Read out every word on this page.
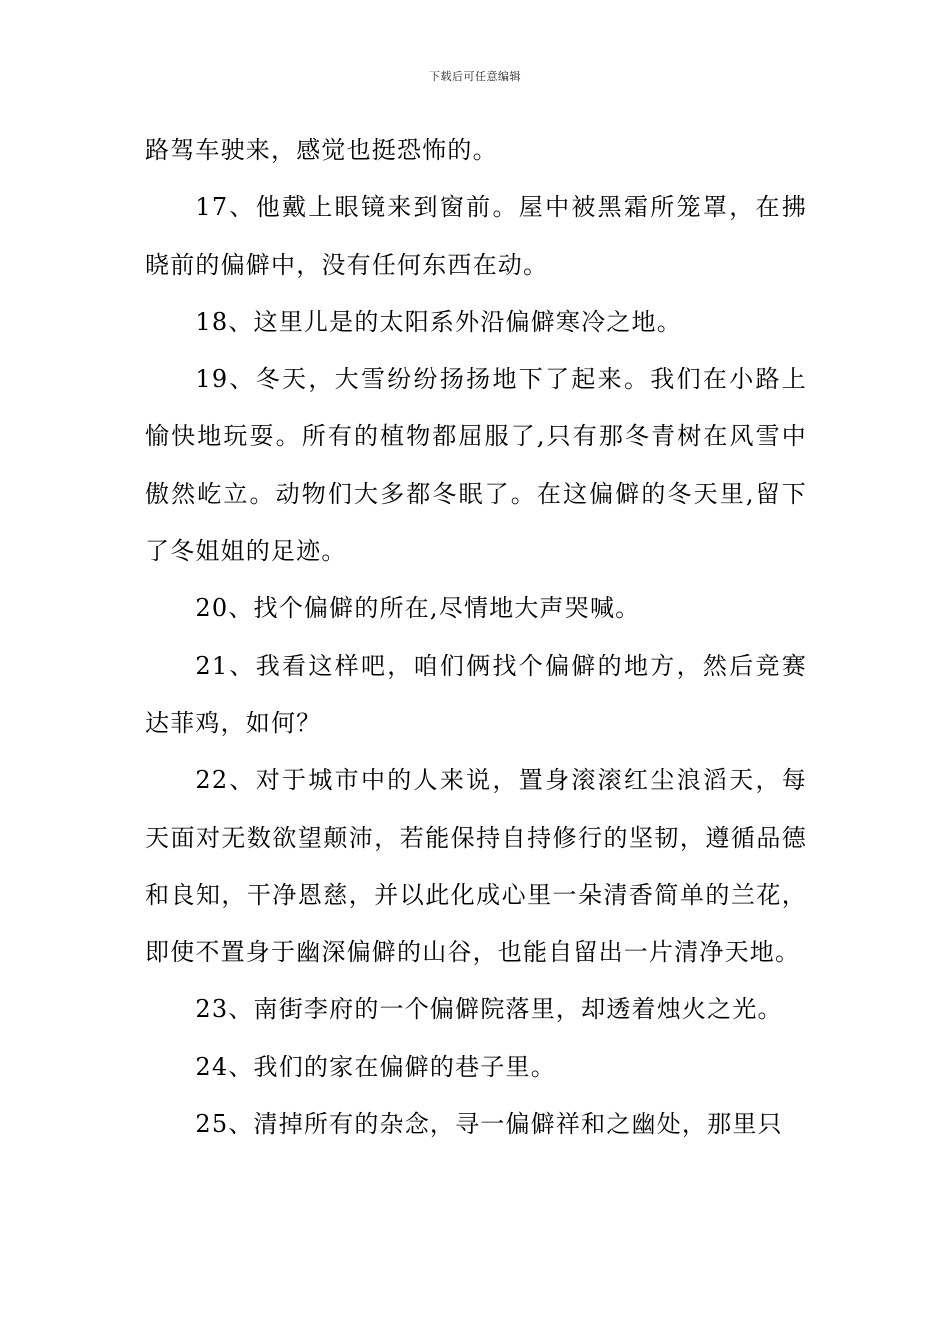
下载后可任意编辑

路驾车驶来，感觉也挺恐怖的。

17、他戴上眼镜来到窗前。屋中被黑霜所笼罩，在拂晓前的偏僻中，没有任何东西在动。

18、这里儿是的太阳系外沿偏僻寒冷之地。

19、冬天，大雪纷纷扬扬地下了起来。我们在小路上愉快地玩耍。所有的植物都屈服了,只有那冬青树在风雪中傲然屹立。动物们大多都冬眠了。在这偏僻的冬天里,留下了冬姐姐的足迹。

20、找个偏僻的所在,尽情地大声哭喊。

21、我看这样吧，咱们俩找个偏僻的地方，然后竞赛达菲鸡，如何？

22、对于城市中的人来说，置身滚滚红尘浪滔天，每天面对无数欲望颠沛，若能保持自持修行的坚韧，遵循品德和良知，干净恩慈，并以此化成心里一朵清香简单的兰花，即使不置身于幽深偏僻的山谷，也能自留出一片清净天地。

23、南街李府的一个偏僻院落里，却透着烛火之光。

24、我们的家在偏僻的巷子里。

25、清掉所有的杂念，寻一偏僻祥和之幽处，那里只
